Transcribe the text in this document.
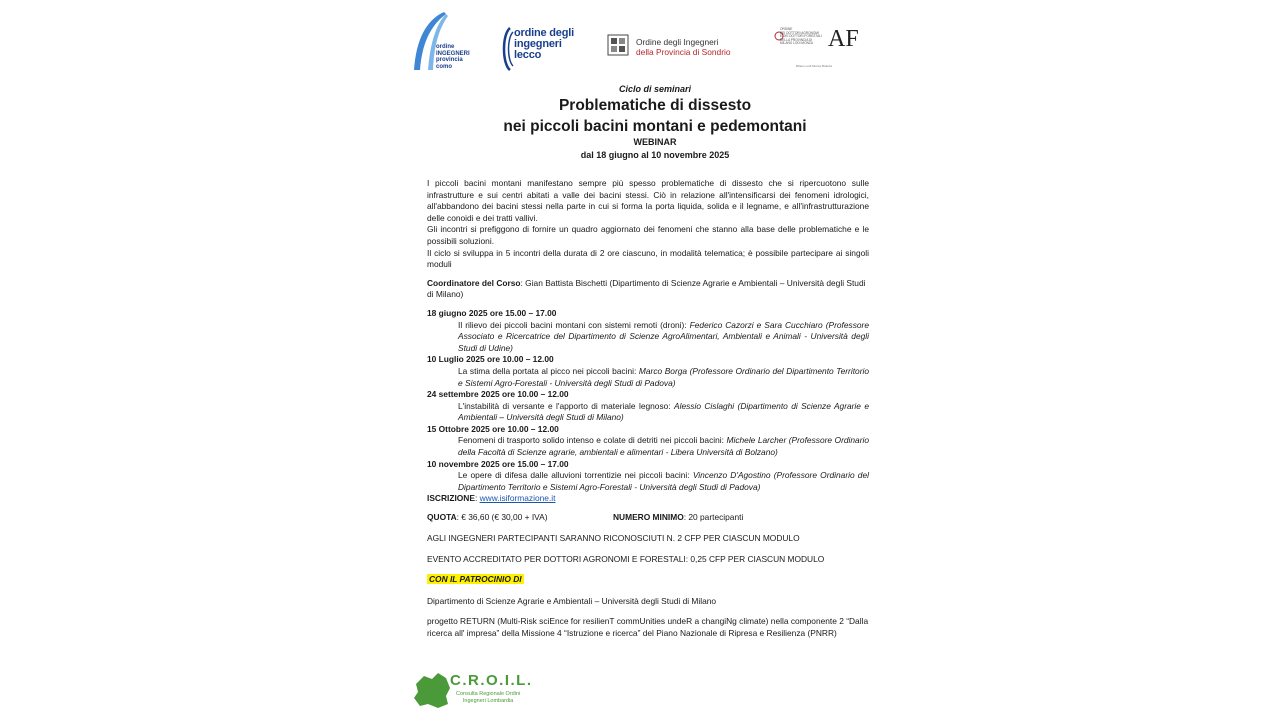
ordine
INGEGNERI
provincia
como
ordine degli
ingegneri
lecco
Ordine degli Ingegneri
della Provincia di Sondrio
ORDINE
DEI DOTTORI AGRONOMI
E DEI DOTTORI FORESTALI
DELLA PROVINCIA DI
MILANO LODI MONZA AF
Milano Lodi Monza Brianza
Ciclo di seminari
Problematiche di dissesto
nei piccoli bacini montani e pedemontani
WEBINAR
dal 18 giugno al 10 novembre 2025

I piccoli bacini montani manifestano sempre più spesso problematiche di dissesto che si ripercuotono sulle infrastrutture e sui centri abitati a valle dei bacini stessi. Ciò in relazione all'intensificarsi dei fenomeni idrologici, all'abbandono dei bacini stessi nella parte in cui si forma la porta liquida, solida e il legname, e all'infrastrutturazione delle conoidi e dei tratti vallivi.
Gli incontri si prefiggono di fornire un quadro aggiornato dei fenomeni che stanno alla base delle problematiche e le possibili soluzioni.
Il ciclo si sviluppa in 5 incontri della durata di 2 ore ciascuno, in modalità telematica; è possibile partecipare ai singoli moduli

Coordinatore del Corso: Gian Battista Bischetti (Dipartimento di Scienze Agrarie e Ambientali – Università degli Studi di Milano)
18 giugno 2025 ore 15.00 – 17.00
Il rilievo dei piccoli bacini montani con sistemi remoti (droni): Federico Cazorzi e Sara Cucchiaro (Professore Associato e Ricercatrice del Dipartimento di Scienze AgroAlimentari, Ambientali e Animali - Università degli Studi di Udine)
10 Luglio 2025 ore 10.00 – 12.00
La stima della portata al picco nei piccoli bacini: Marco Borga (Professore Ordinario del Dipartimento Territorio e Sistemi Agro-Forestali - Università degli Studi di Padova)
24 settembre 2025 ore 10.00 – 12.00
L'instabilità di versante e l'apporto di materiale legnoso: Alessio Cislaghi (Dipartimento di Scienze Agrarie e Ambientali – Università degli Studi di Milano)
15 Ottobre 2025 ore 10.00 – 12.00
Fenomeni di trasporto solido intenso e colate di detriti nei piccoli bacini: Michele Larcher (Professore Ordinario della Facoltà di Scienze agrarie, ambientali e alimentari - Libera Università di Bolzano)
10 novembre 2025 ore 15.00 – 17.00
Le opere di difesa dalle alluvioni torrentizie nei piccoli bacini: Vincenzo D'Agostino (Professore Ordinario del Dipartimento Territorio e Sistemi Agro-Forestali - Università degli Studi di Padova)
ISCRIZIONE: www.isiformazione.it
QUOTA: € 36,60 (€ 30,00 + IVA)	NUMERO MINIMO: 20 partecipanti
AGLI INGEGNERI PARTECIPANTI SARANNO RICONOSCIUTI N. 2 CFP PER CIASCUN MODULO
EVENTO ACCREDITATO PER DOTTORI AGRONOMI E FORESTALI: 0,25 CFP PER CIASCUN MODULO
CON IL PATROCINIO DI
Dipartimento di Scienze Agrarie e Ambientali – Università degli Studi di Milano
progetto RETURN (Multi-Risk sciEnce for resilienT commUnities undeR a changiNg climate) nella componente 2 “Dalla ricerca all' impresa” della Missione 4 “Istruzione e ricerca” del Piano Nazionale di Ripresa e Resilienza (PNRR)
C.R.O.I.L.
Consulta Regionale Ordini
Ingegneri Lombardia
